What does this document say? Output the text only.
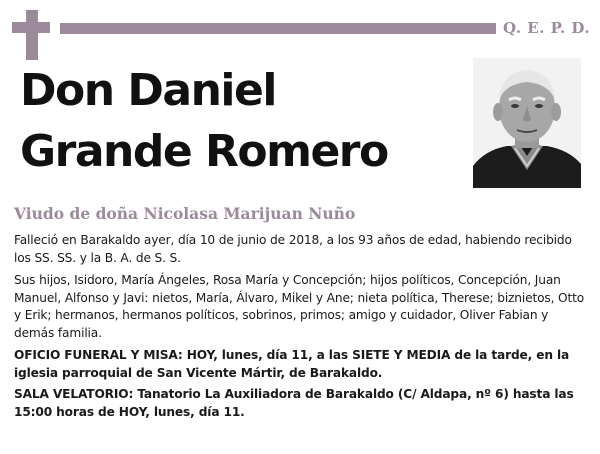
Q. E. P. D.
Don Daniel
Grande Romero
Viudo de doña Nicolasa Marijuan Nuño

Falleció en Barakaldo ayer, día 10 de junio de 2018, a los 93 años de edad, habiendo recibido los SS. SS. y la B. A. de S. S.

Sus hijos, Isidoro, María Ángeles, Rosa María y Concepción; hijos políticos, Concepción, Juan Manuel, Alfonso y Javi: nietos, María, Álvaro, Mikel y Ane; nieta política, Therese; biznietos, Otto y Erik; hermanos, hermanos políticos, sobrinos, primos; amigo y cuidador, Oliver Fabian y demás familia.

OFICIO FUNERAL Y MISA: HOY, lunes, día 11, a las SIETE Y MEDIA de la tarde, en la iglesia parroquial de San Vicente Mártir, de Barakaldo.

SALA VELATORIO: Tanatorio La Auxiliadora de Barakaldo (C/ Aldapa, nº 6) hasta las 15:00 horas de HOY, lunes, día 11.
